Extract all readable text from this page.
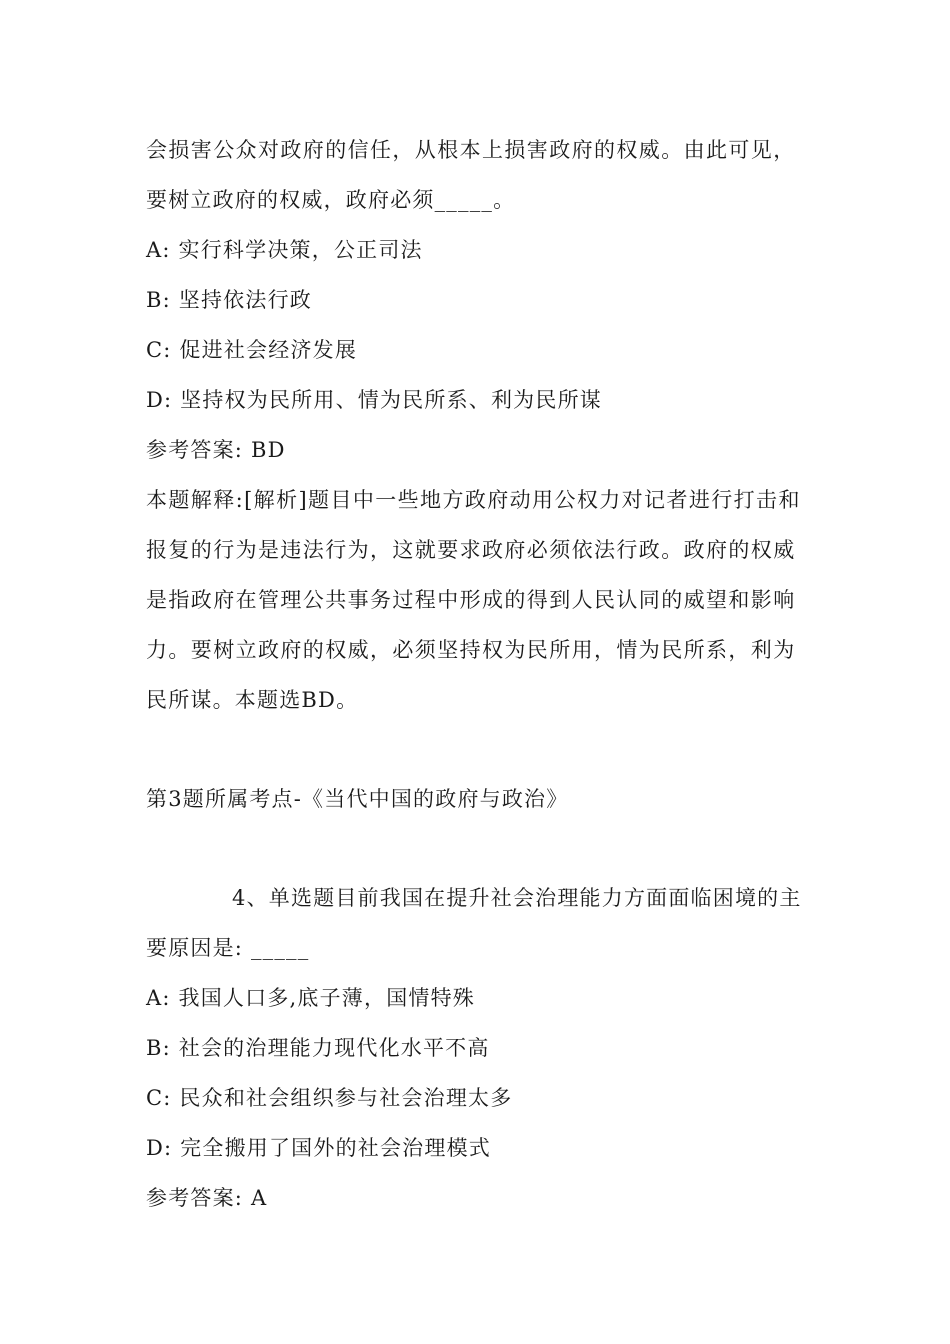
会损害公众对政府的信任，从根本上损害政府的权威。由此可见，
要树立政府的权威，政府必须_____。
A: 实行科学决策，公正司法
B: 坚持依法行政
C: 促进社会经济发展
D: 坚持权为民所用、情为民所系、利为民所谋
参考答案: BD
本题解释:[解析]题目中一些地方政府动用公权力对记者进行打击和
报复的行为是违法行为，这就要求政府必须依法行政。政府的权威
是指政府在管理公共事务过程中形成的得到人民认同的威望和影响
力。要树立政府的权威，必须坚持权为民所用，情为民所系，利为
民所谋。本题选BD。
第3题所属考点-《当代中国的政府与政治》
4、单选题目前我国在提升社会治理能力方面面临困境的主
要原因是: _____
A: 我国人口多,底子薄，国情特殊
B: 社会的治理能力现代化水平不高
C: 民众和社会组织参与社会治理太多
D: 完全搬用了国外的社会治理模式
参考答案: A
